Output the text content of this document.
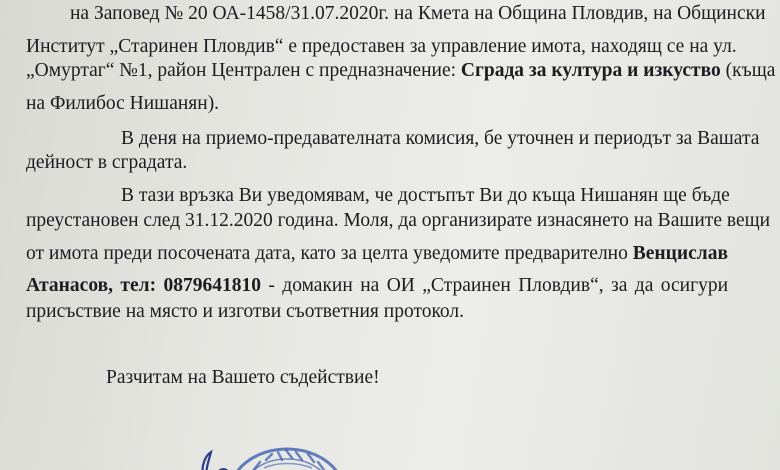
на Заповед № 20 ОА-1458/31.07.2020г. на Кмета на Община Пловдив, на Общински
Институт „Старинен Пловдив“ е предоставен за управление имота, находящ се на ул.
„Омуртаг“ №1, район Централен с предназначение: Сграда за култура и изкуство (къща
на Филибос Нишанян).
В деня на приемо-предавателната комисия, бе уточнен и периодът за Вашата
дейност в сградата.
В тази връзка Ви уведомявам, че достъпът Ви до къща Нишанян ще бъде
преустановен след 31.12.2020 година. Моля, да организирате изнасянето на Вашите вещи
от имота преди посочената дата, като за целта уведомите предварително Венцислав
Атанасов, тел: 0879641810 - домакин на ОИ „Страинен Пловдив“, за да осигури
присъствие на място и изготви съответния протокол.
Разчитам на Вашето съдействие!
